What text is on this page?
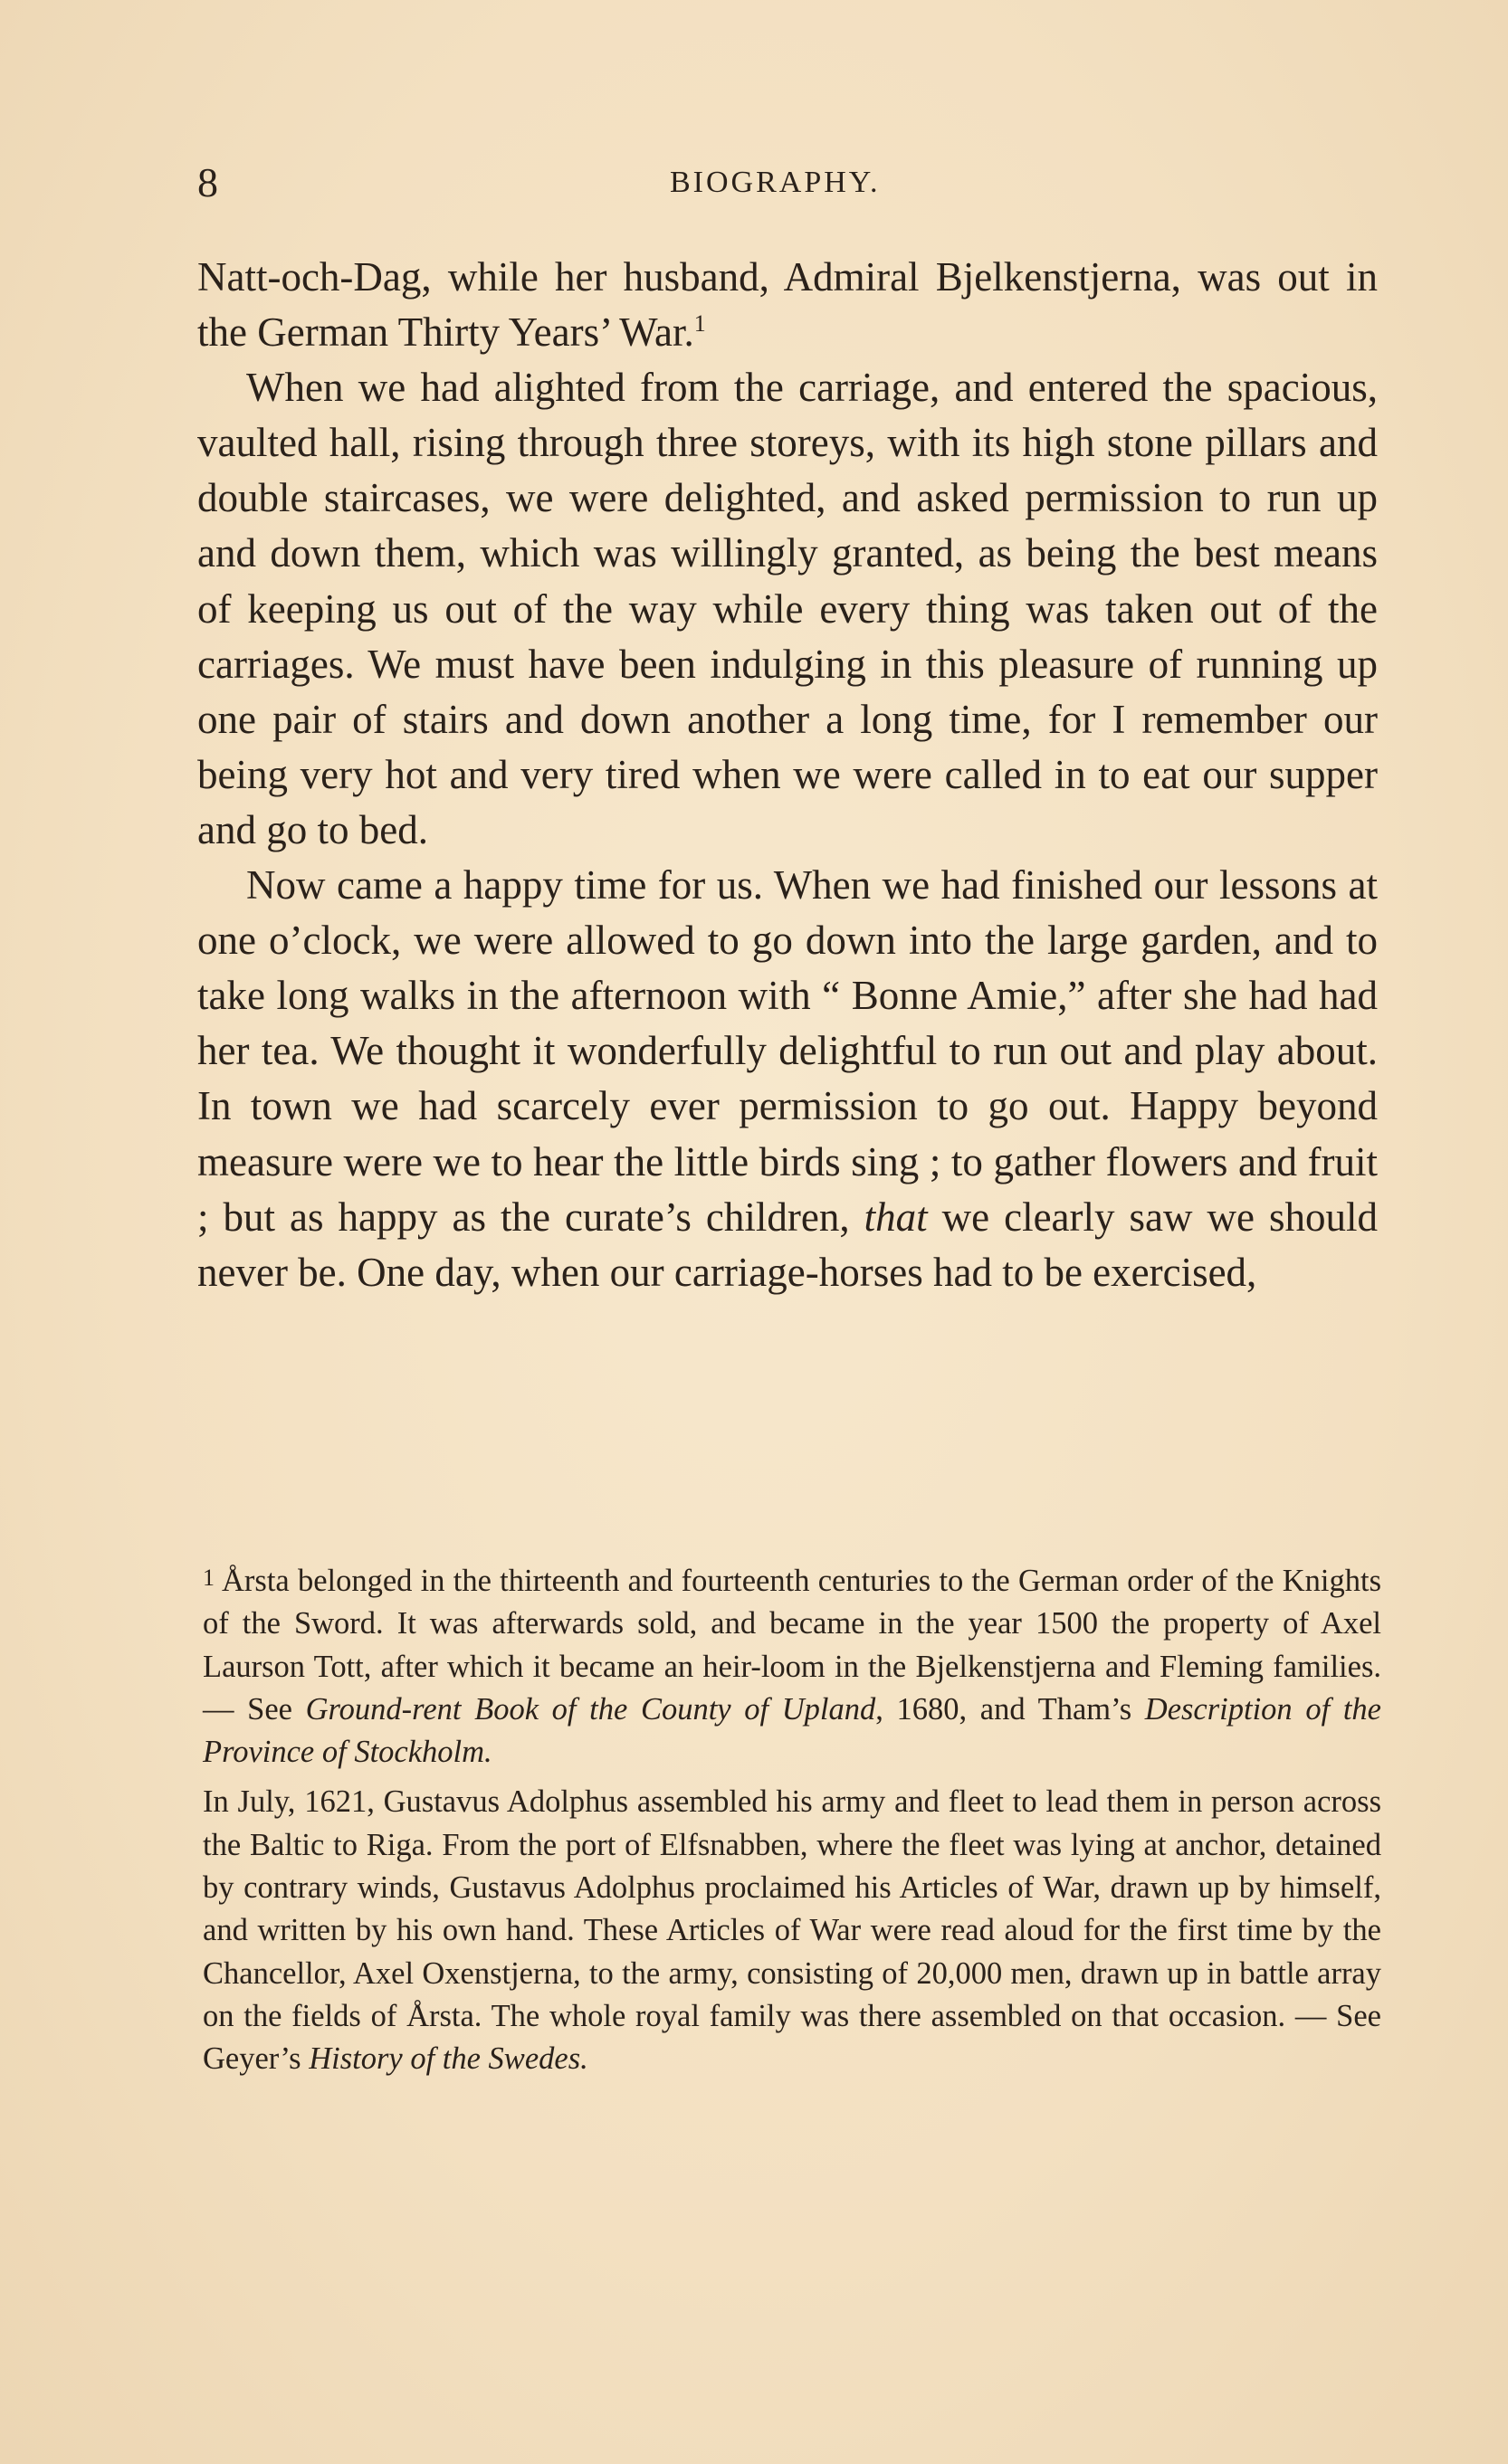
8	BIOGRAPHY.

Natt-och-Dag, while her husband, Admiral Bjelkenstjerna, was out in the German Thirty Years’ War.$^1$

When we had alighted from the carriage, and entered the spacious, vaulted hall, rising through three storeys, with its high stone pillars and double staircases, we were delighted, and asked permission to run up and down them, which was willingly granted, as being the best means of keeping us out of the way while every thing was taken out of the carriages. We must have been indulging in this pleasure of running up one pair of stairs and down another a long time, for I remember our being very hot and very tired when we were called in to eat our supper and go to bed.

Now came a happy time for us. When we had finished our lessons at one o’clock, we were allowed to go down into the large garden, and to take long walks in the afternoon with “ Bonne Amie,” after she had had her tea. We thought it wonderfully delightful to run out and play about. In town we had scarcely ever permission to go out. Happy beyond measure were we to hear the little birds sing ; to gather flowers and fruit ; but as happy as the curate’s children, that we clearly saw we should never be. One day, when our carriage-horses had to be exercised,

1 Årsta belonged in the thirteenth and fourteenth centuries to the German order of the Knights of the Sword. It was afterwards sold, and became in the year 1500 the property of Axel Laurson Tott, after which it became an heir-loom in the Bjelkenstjerna and Fleming families. — See Ground-rent Book of the County of Upland, 1680, and Tham’s Description of the Province of Stockholm.

In July, 1621, Gustavus Adolphus assembled his army and fleet to lead them in person across the Baltic to Riga. From the port of Elfsnabben, where the fleet was lying at anchor, detained by contrary winds, Gustavus Adolphus proclaimed his Articles of War, drawn up by himself, and written by his own hand. These Articles of War were read aloud for the first time by the Chancellor, Axel Oxenstjerna, to the army, consisting of 20,000 men, drawn up in battle array on the fields of Årsta. The whole royal family was there assembled on that occasion. — See Geyer’s History of the Swedes.
